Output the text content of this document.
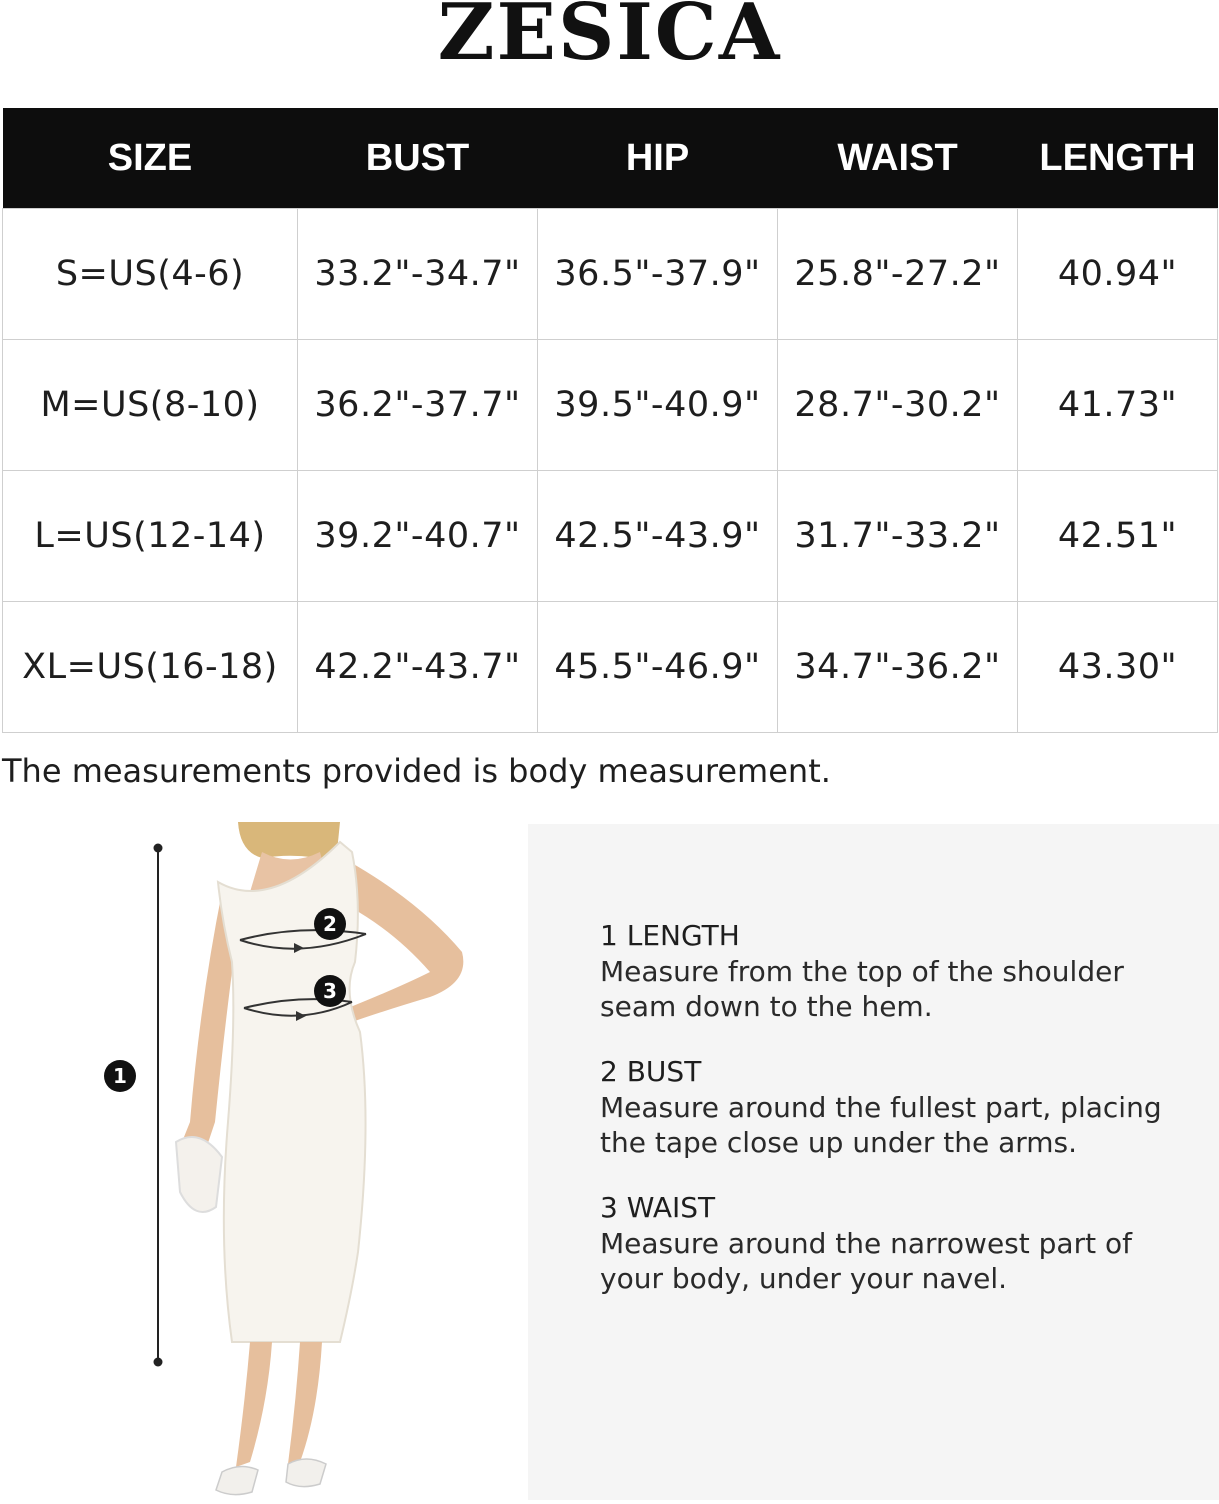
ZESICA
SIZE	BUST	HIP	WAIST	LENGTH
S=US(4-6)	33.2"-34.7"	36.5"-37.9"	25.8"-27.2"	40.94"
M=US(8-10)	36.2"-37.7"	39.5"-40.9"	28.7"-30.2"	41.73"
L=US(12-14)	39.2"-40.7"	42.5"-43.9"	31.7"-33.2"	42.51"
XL=US(16-18)	42.2"-43.7"	45.5"-46.9"	34.7"-36.2"	43.30"
The measurements provided is body measurement.
1
2
3
1 LENGTH
Measure from the top of the shoulder seam down to the hem.
2 BUST
Measure around the fullest part, placing the tape close up under the arms.
3 WAIST
Measure around the narrowest part of your body, under your navel.
